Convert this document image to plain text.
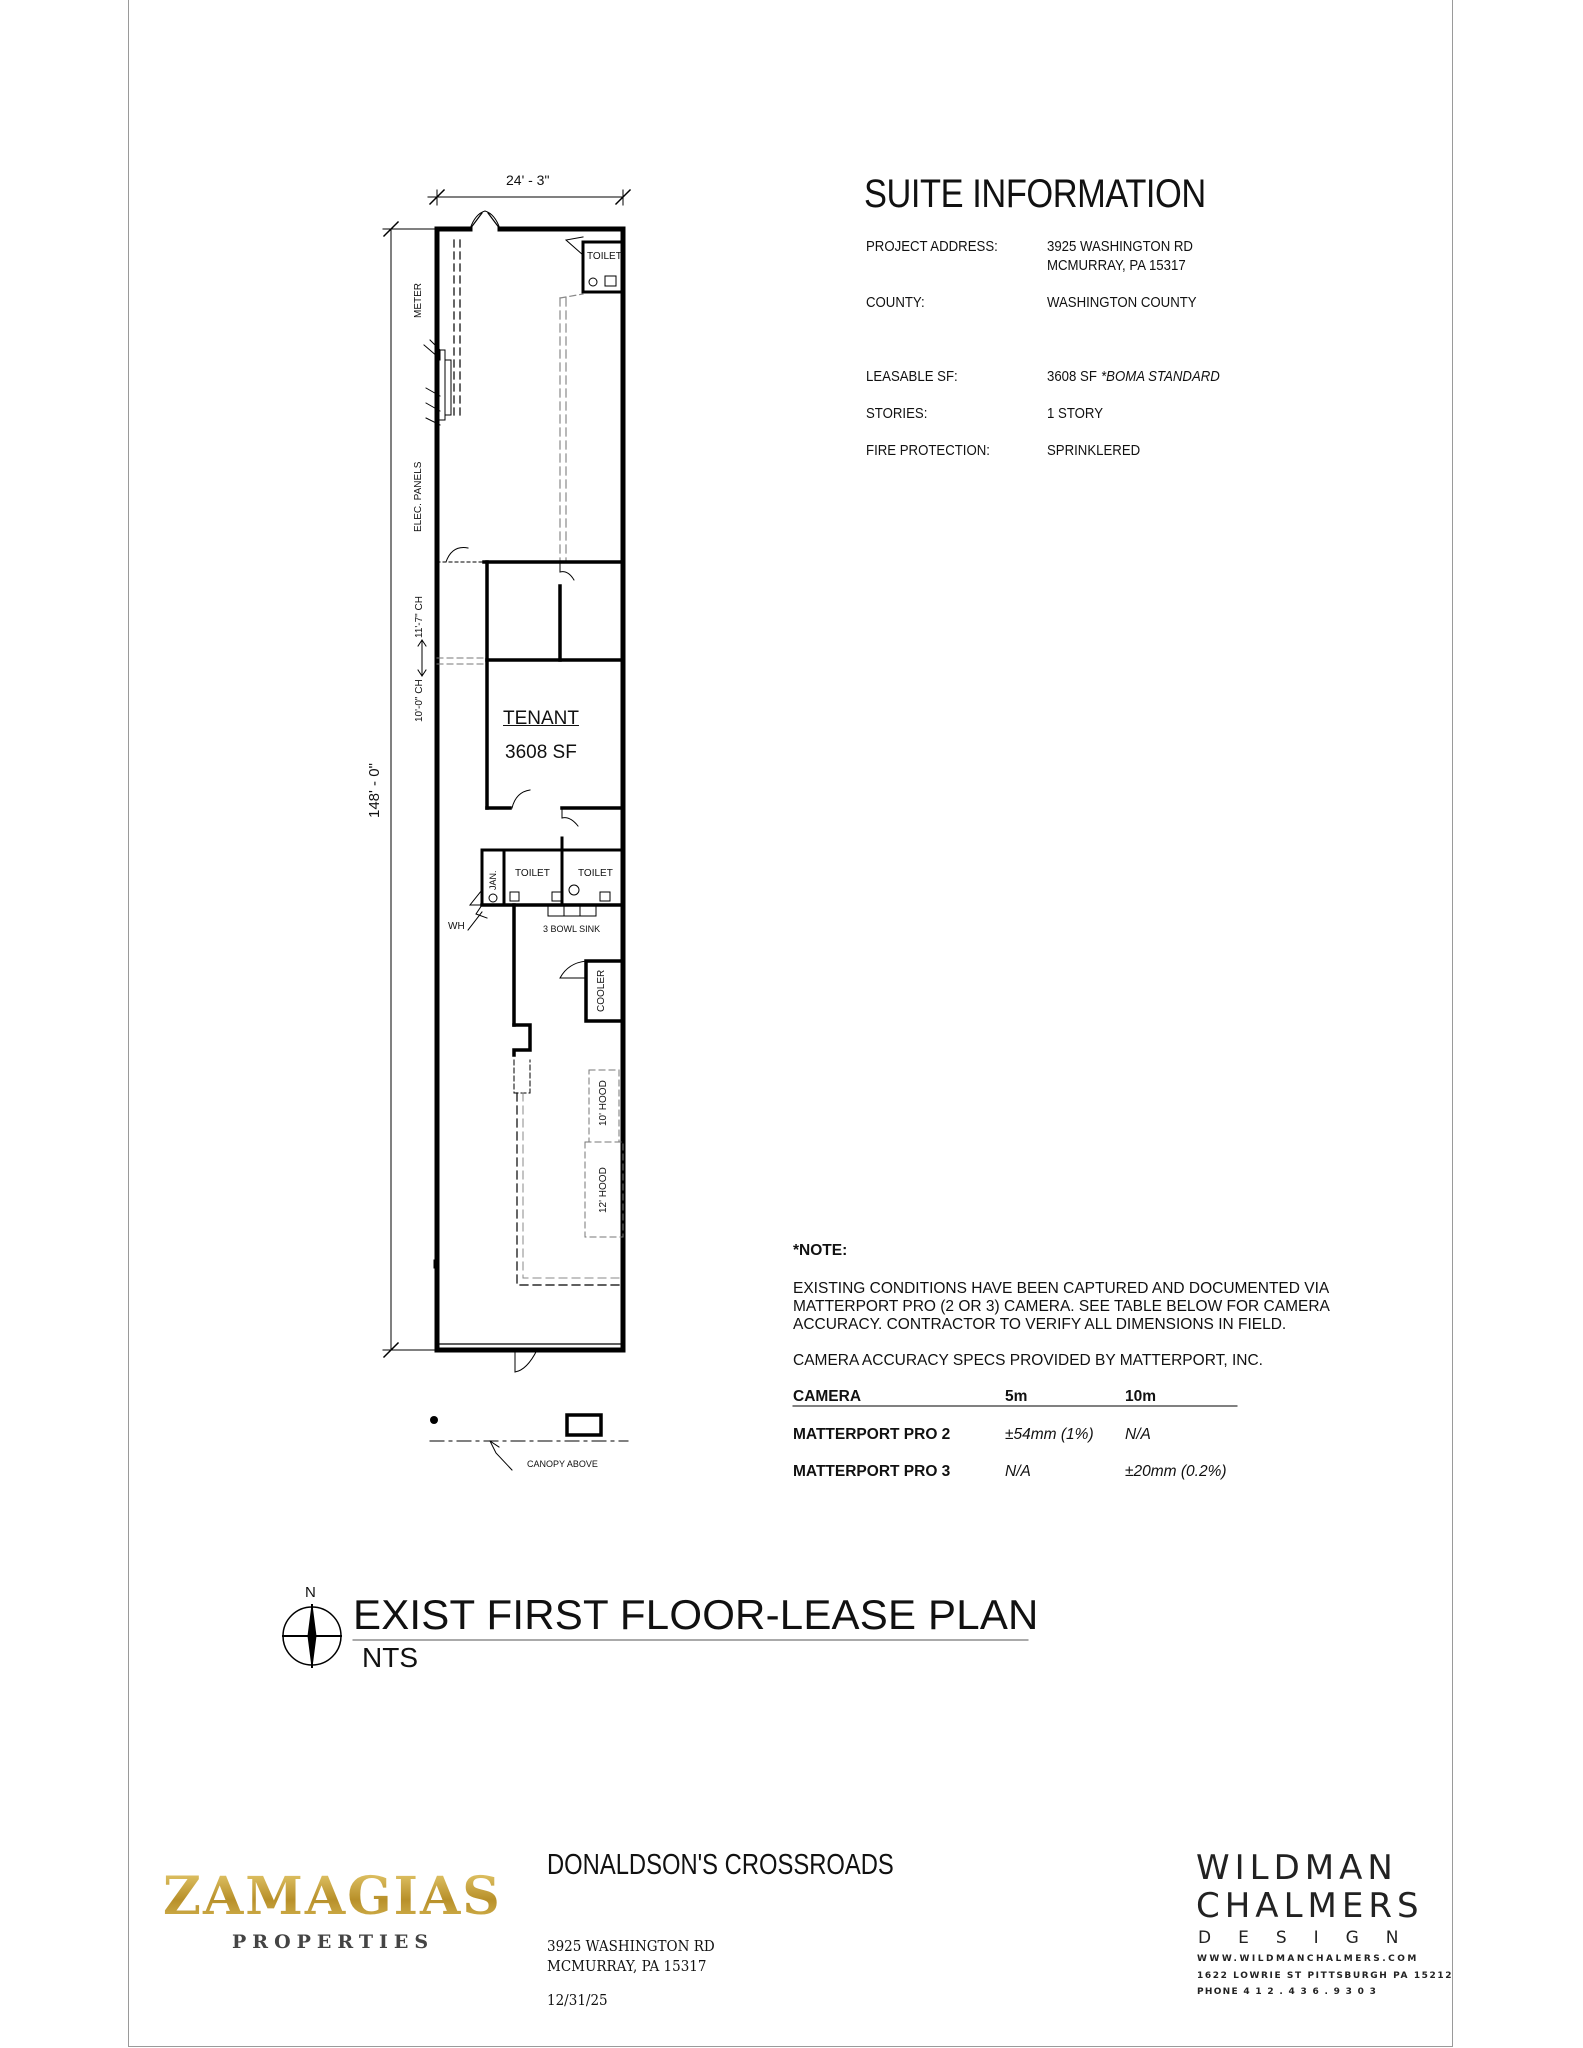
24' - 3"
148' - 0"
TOILET
METER
ELEC. PANELS
11'-7" CH
10'-0" CH	TENANT
3608 SF
TOILET	TOILET
JAN.
WH	3 BOWL SINK
COOLER
10' HOOD
12' HOOD
CANOPY ABOVE
SUITE INFORMATION
PROJECT ADDRESS:	3925 WASHINGTON RD
MCMURRAY, PA 15317
COUNTY:	WASHINGTON COUNTY
LEASABLE SF:	3608 SF *BOMA STANDARD
STORIES:	1 STORY
FIRE PROTECTION:	SPRINKLERED
*NOTE:
EXISTING CONDITIONS HAVE BEEN CAPTURED AND DOCUMENTED VIA
MATTERPORT PRO (2 OR 3) CAMERA. SEE TABLE BELOW FOR CAMERA
ACCURACY. CONTRACTOR TO VERIFY ALL DIMENSIONS IN FIELD.
CAMERA ACCURACY SPECS PROVIDED BY MATTERPORT, INC.
CAMERA	5m	10m
MATTERPORT PRO 2	±54mm (1%) N/A
MATTERPORT PRO 3	N/A	±20mm (0.2%)
N EXIST FIRST FLOOR-LEASE PLAN
NTS
ZAMAGIAS
PROPERTIES
DONALDSON'S CROSSROADS
3925 WASHINGTON RD
MCMURRAY, PA 15317
12/31/25
WILDMAN
CHALMERS
DESIGN
WWW.WILDMANCHALMERS.COM
1622 LOWRIE ST PITTSBURGH PA 15212
PHONE 4 1 2 . 4 3 6 . 9 3 0 3
